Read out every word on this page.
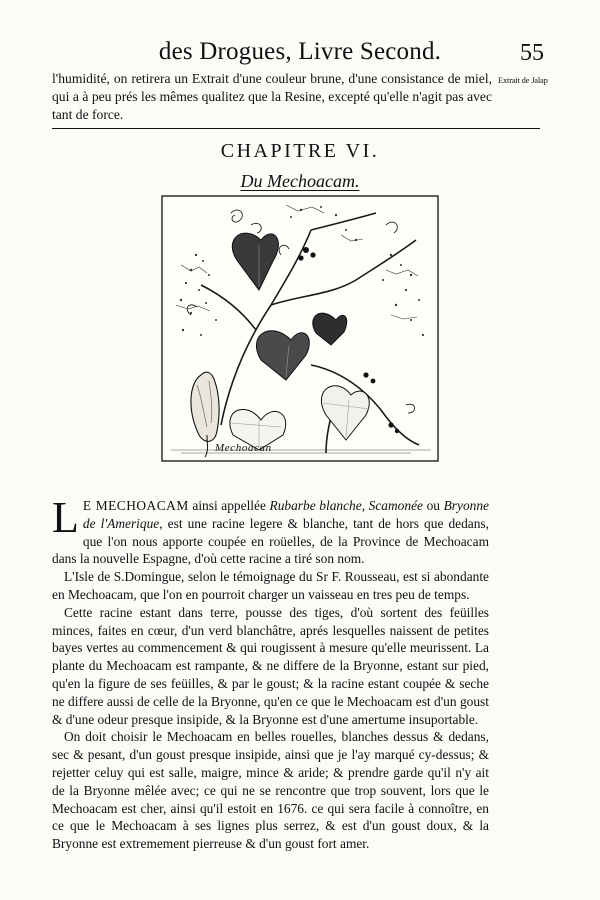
des Drogues, Livre Second.	55
l'humidité, on retirera un Extrait d'une couleur brune, d'une consistance de miel, qui a à peu prés les mêmes qualitez que la Resine, excepté qu'elle n'agit pas avec tant de force.
Extrait de Jalap
CHAPITRE VI.
Du Mechoacam.
Mechoacan

L E MECHOACAM ainsi appellée Rubarbe blanche, Scamonée ou Bryonne de l'Amerique, est une racine legere & blanche, tant de hors que dedans, que l'on nous apporte coupée en roüelles, de la Province de Mechoacam dans la nouvelle Espagne, d'où cette racine a tiré son nom.

L'Isle de S.Domingue, selon le témoignage du Sr F. Rousseau, est si abondante en Mechoacam, que l'on en pourroit charger un vaisseau en tres peu de temps.

Cette racine estant dans terre, pousse des tiges, d'où sortent des feüilles minces, faites en cœur, d'un verd blanchâtre, aprés lesquelles naissent de petites bayes vertes au commencement & qui rougissent à mesure qu'elle meurissent. La plante du Mechoacam est rampante, & ne differe de la Bryonne, estant sur pied, qu'en la figure de ses feüilles, & par le goust; & la racine estant coupée & seche ne differe aussi de celle de la Bryonne, qu'en ce que le Mechoacam est d'un goust & d'une odeur presque insipide, & la Bryonne est d'une amertume insuportable.

On doit choisir le Mechoacam en belles rouelles, blanches dessus & dedans, sec & pesant, d'un goust presque insipide, ainsi que je l'ay marqué cy-dessus; & rejetter celuy qui est salle, maigre, mince & aride; & prendre garde qu'il n'y ait de la Bryonne mêlée avec; ce qui ne se rencontre que trop souvent, lors que le Mechoacam est cher, ainsi qu'il estoit en 1676. ce qui sera facile à connoître, en ce que le Mechoacam à ses lignes plus serrez, & est d'un goust doux, & la Bryonne est extremement pierreuse & d'un goust fort amer.
